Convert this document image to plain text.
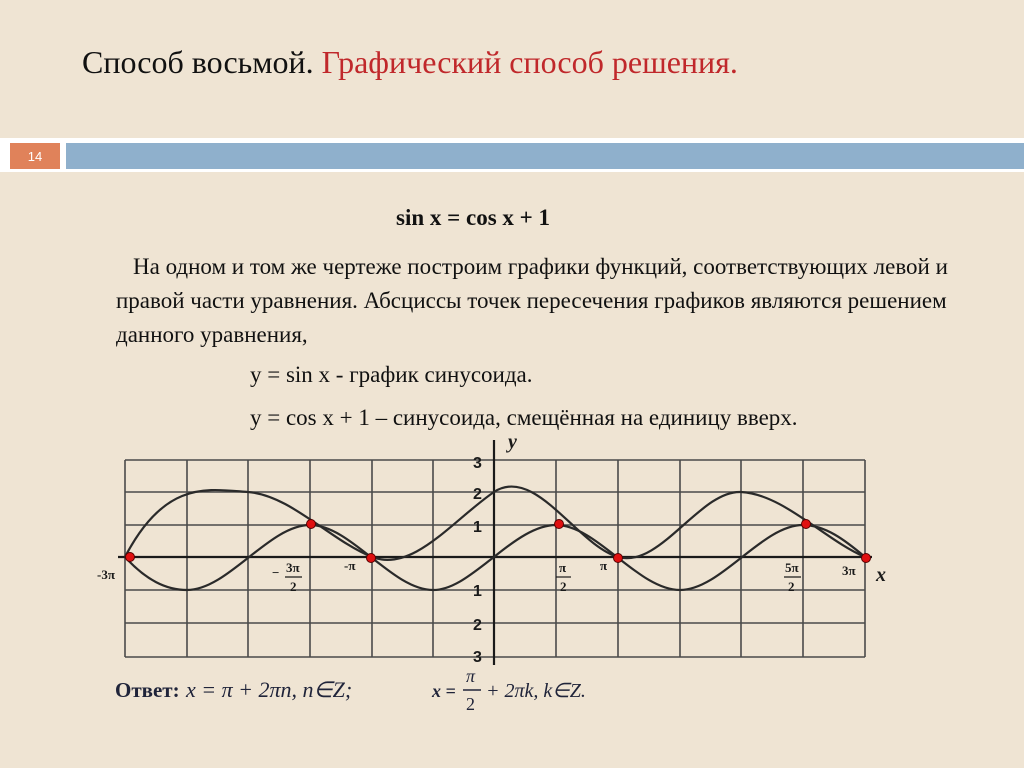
Способ восьмой. Графический способ решения.
14
sin x = cos x + 1
На одном и том же чертеже построим графики функций, соответствующих левой и правой части уравнения. Абсциссы точек пересечения графиков являются решением данного уравнения,
y = sin x - график синусоида.
y = cos x + 1 – синусоида, смещённая на единицу вверх.
y
x
3
2
1
1
2
3
-3π	− 3π
2
-π	π
2
π	5π
2
3π
Ответ: x = π + 2πn, n∈Z;	x =
π
2
+ 2πk, k∈Z.
